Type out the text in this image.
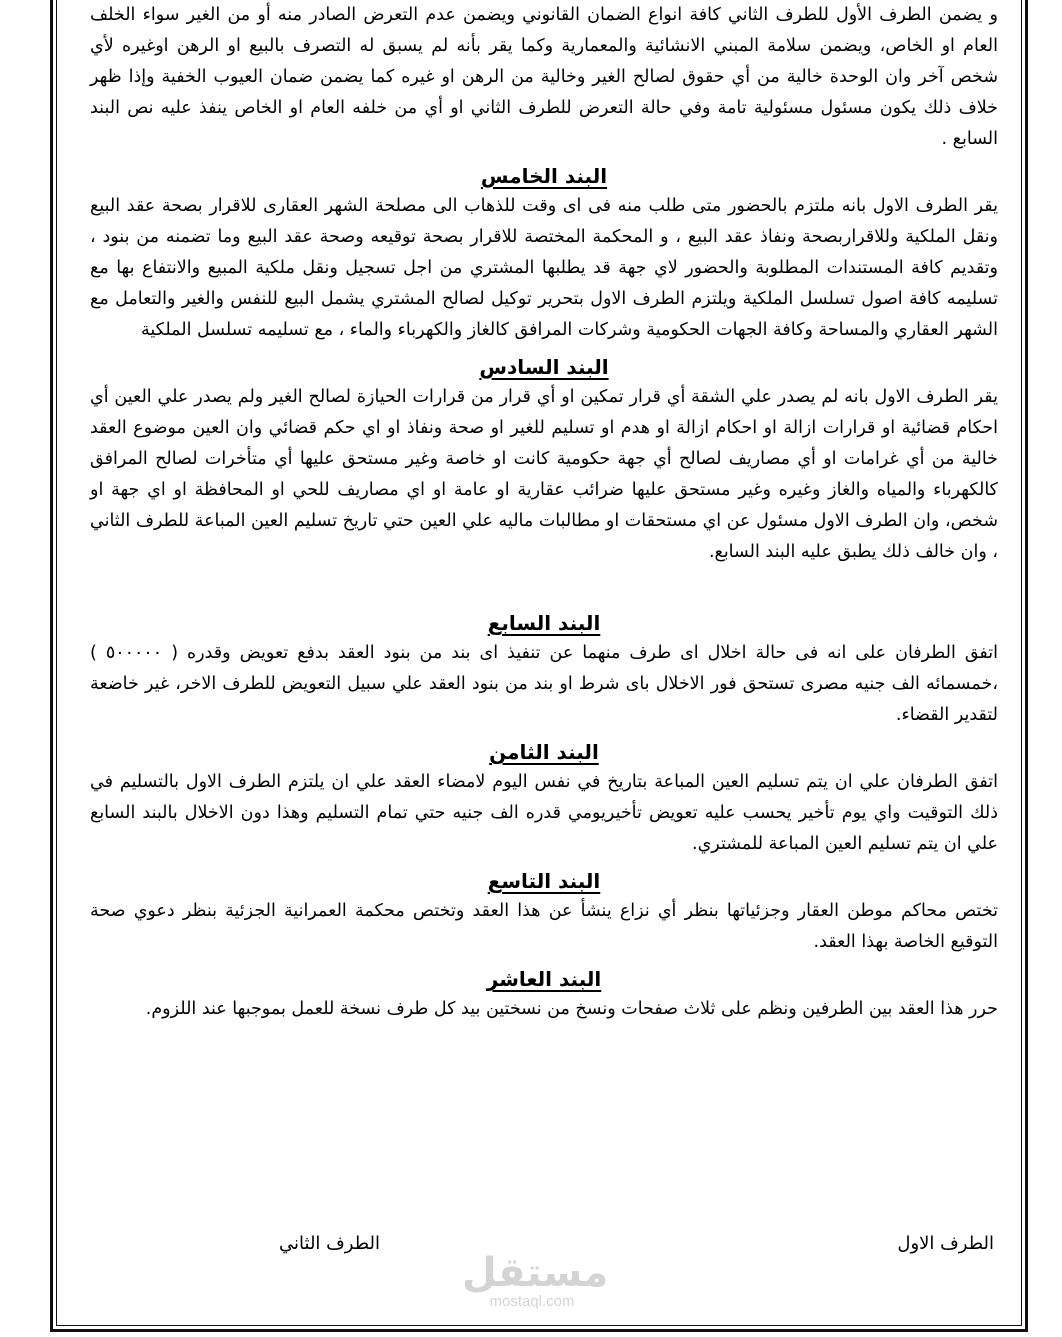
و يضمن الطرف الأول للطرف الثاني كافة انواع الضمان القانوني ويضمن عدم التعرض الصادر منه أو من الغير سواء الخلف العام او الخاص، ويضمن سلامة المبني الانشائية والمعمارية وكما يقر بأنه لم يسبق له التصرف بالبيع او الرهن اوغيره لأي شخص آخر وان الوحدة خالية من أي حقوق لصالح الغير وخالية من الرهن او غيره كما يضمن ضمان العيوب الخفية وإذا ظهر خلاف ذلك يكون مسئول مسئولية تامة وفي حالة التعرض للطرف الثاني او أي من خلفه العام او الخاص ينفذ عليه نص البند السابع .

البند الخامس

يقر الطرف الاول بانه ملتزم بالحضور متى طلب منه فى اى وقت للذهاب الى مصلحة الشهر العقارى للاقرار بصحة عقد البيع ونقل الملكية وللاقراربصحة ونفاذ عقد البيع ، و المحكمة المختصة للاقرار بصحة توقيعه وصحة عقد البيع وما تضمنه من بنود ، وتقديم كافة المستندات المطلوبة والحضور لاي جهة قد يطلبها المشتري من اجل تسجيل ونقل ملكية المبيع والانتفاع بها مع تسليمه كافة اصول تسلسل الملكية ويلتزم الطرف الاول بتحرير توكيل لصالح المشتري يشمل البيع للنفس والغير والتعامل مع الشهر العقاري والمساحة وكافة الجهات الحكومية وشركات المرافق كالغاز والكهرباء والماء ، مع تسليمه تسلسل الملكية

البند السادس

يقر الطرف الاول بانه لم يصدر علي الشقة أي قرار تمكين او أي قرار من قرارات الحيازة لصالح الغير ولم يصدر علي العين أي احكام قضائية او قرارات ازالة او احكام ازالة او هدم او تسليم للغير او صحة ونفاذ او اي حكم قضائي وان العين موضوع العقد خالية من أي غرامات او أي مصاريف لصالح أي جهة حكومية كانت او خاصة وغير مستحق عليها أي متأخرات لصالح المرافق كالكهرباء والمياه والغاز وغيره وغير مستحق عليها ضرائب عقارية او عامة او اي مصاريف للحي او المحافظة او اي جهة او شخص، وان الطرف الاول مسئول عن اي مستحقات او مطالبات ماليه علي العين حتي تاريخ تسليم العين المباعة للطرف الثاني ، وان خالف ذلك يطبق عليه البند السابع.

البند السابع

اتفق الطرفان على انه فى حالة اخلال اى طرف منهما عن تنفيذ اى بند من بنود العقد بدفع تعويض وقدره ( ٥٠٠٠٠٠ ) ،خمسمائه الف جنيه مصرى تستحق فور الاخلال باى شرط او بند من بنود العقد علي سبيل التعويض للطرف الاخر، غير خاضعة لتقدير القضاء.

البند الثامن

اتفق الطرفان علي ان يتم تسليم العين المباعة بتاريخ في نفس اليوم لامضاء العقد علي ان يلتزم الطرف الاول بالتسليم في ذلك التوقيت واي يوم تأخير يحسب عليه تعويض تأخيريومي قدره الف جنيه حتي تمام التسليم وهذا دون الاخلال بالبند السابع علي ان يتم تسليم العين المباعة للمشتري.

البند التاسع

تختص محاكم موطن العقار وجزئياتها بنظر أي نزاع ينشأ عن هذا العقد وتختص محكمة العمرانية الجزئية بنظر دعوي صحة التوقيع الخاصة بهذا العقد.

البند العاشر

حرر هذا العقد بين الطرفين ونظم على ثلاث صفحات ونسخ من نسختين بيد كل طرف نسخة للعمل بموجبها عند اللزوم.

الطرف الاول
الطرف الثاني
مستقل
mostaql.com
